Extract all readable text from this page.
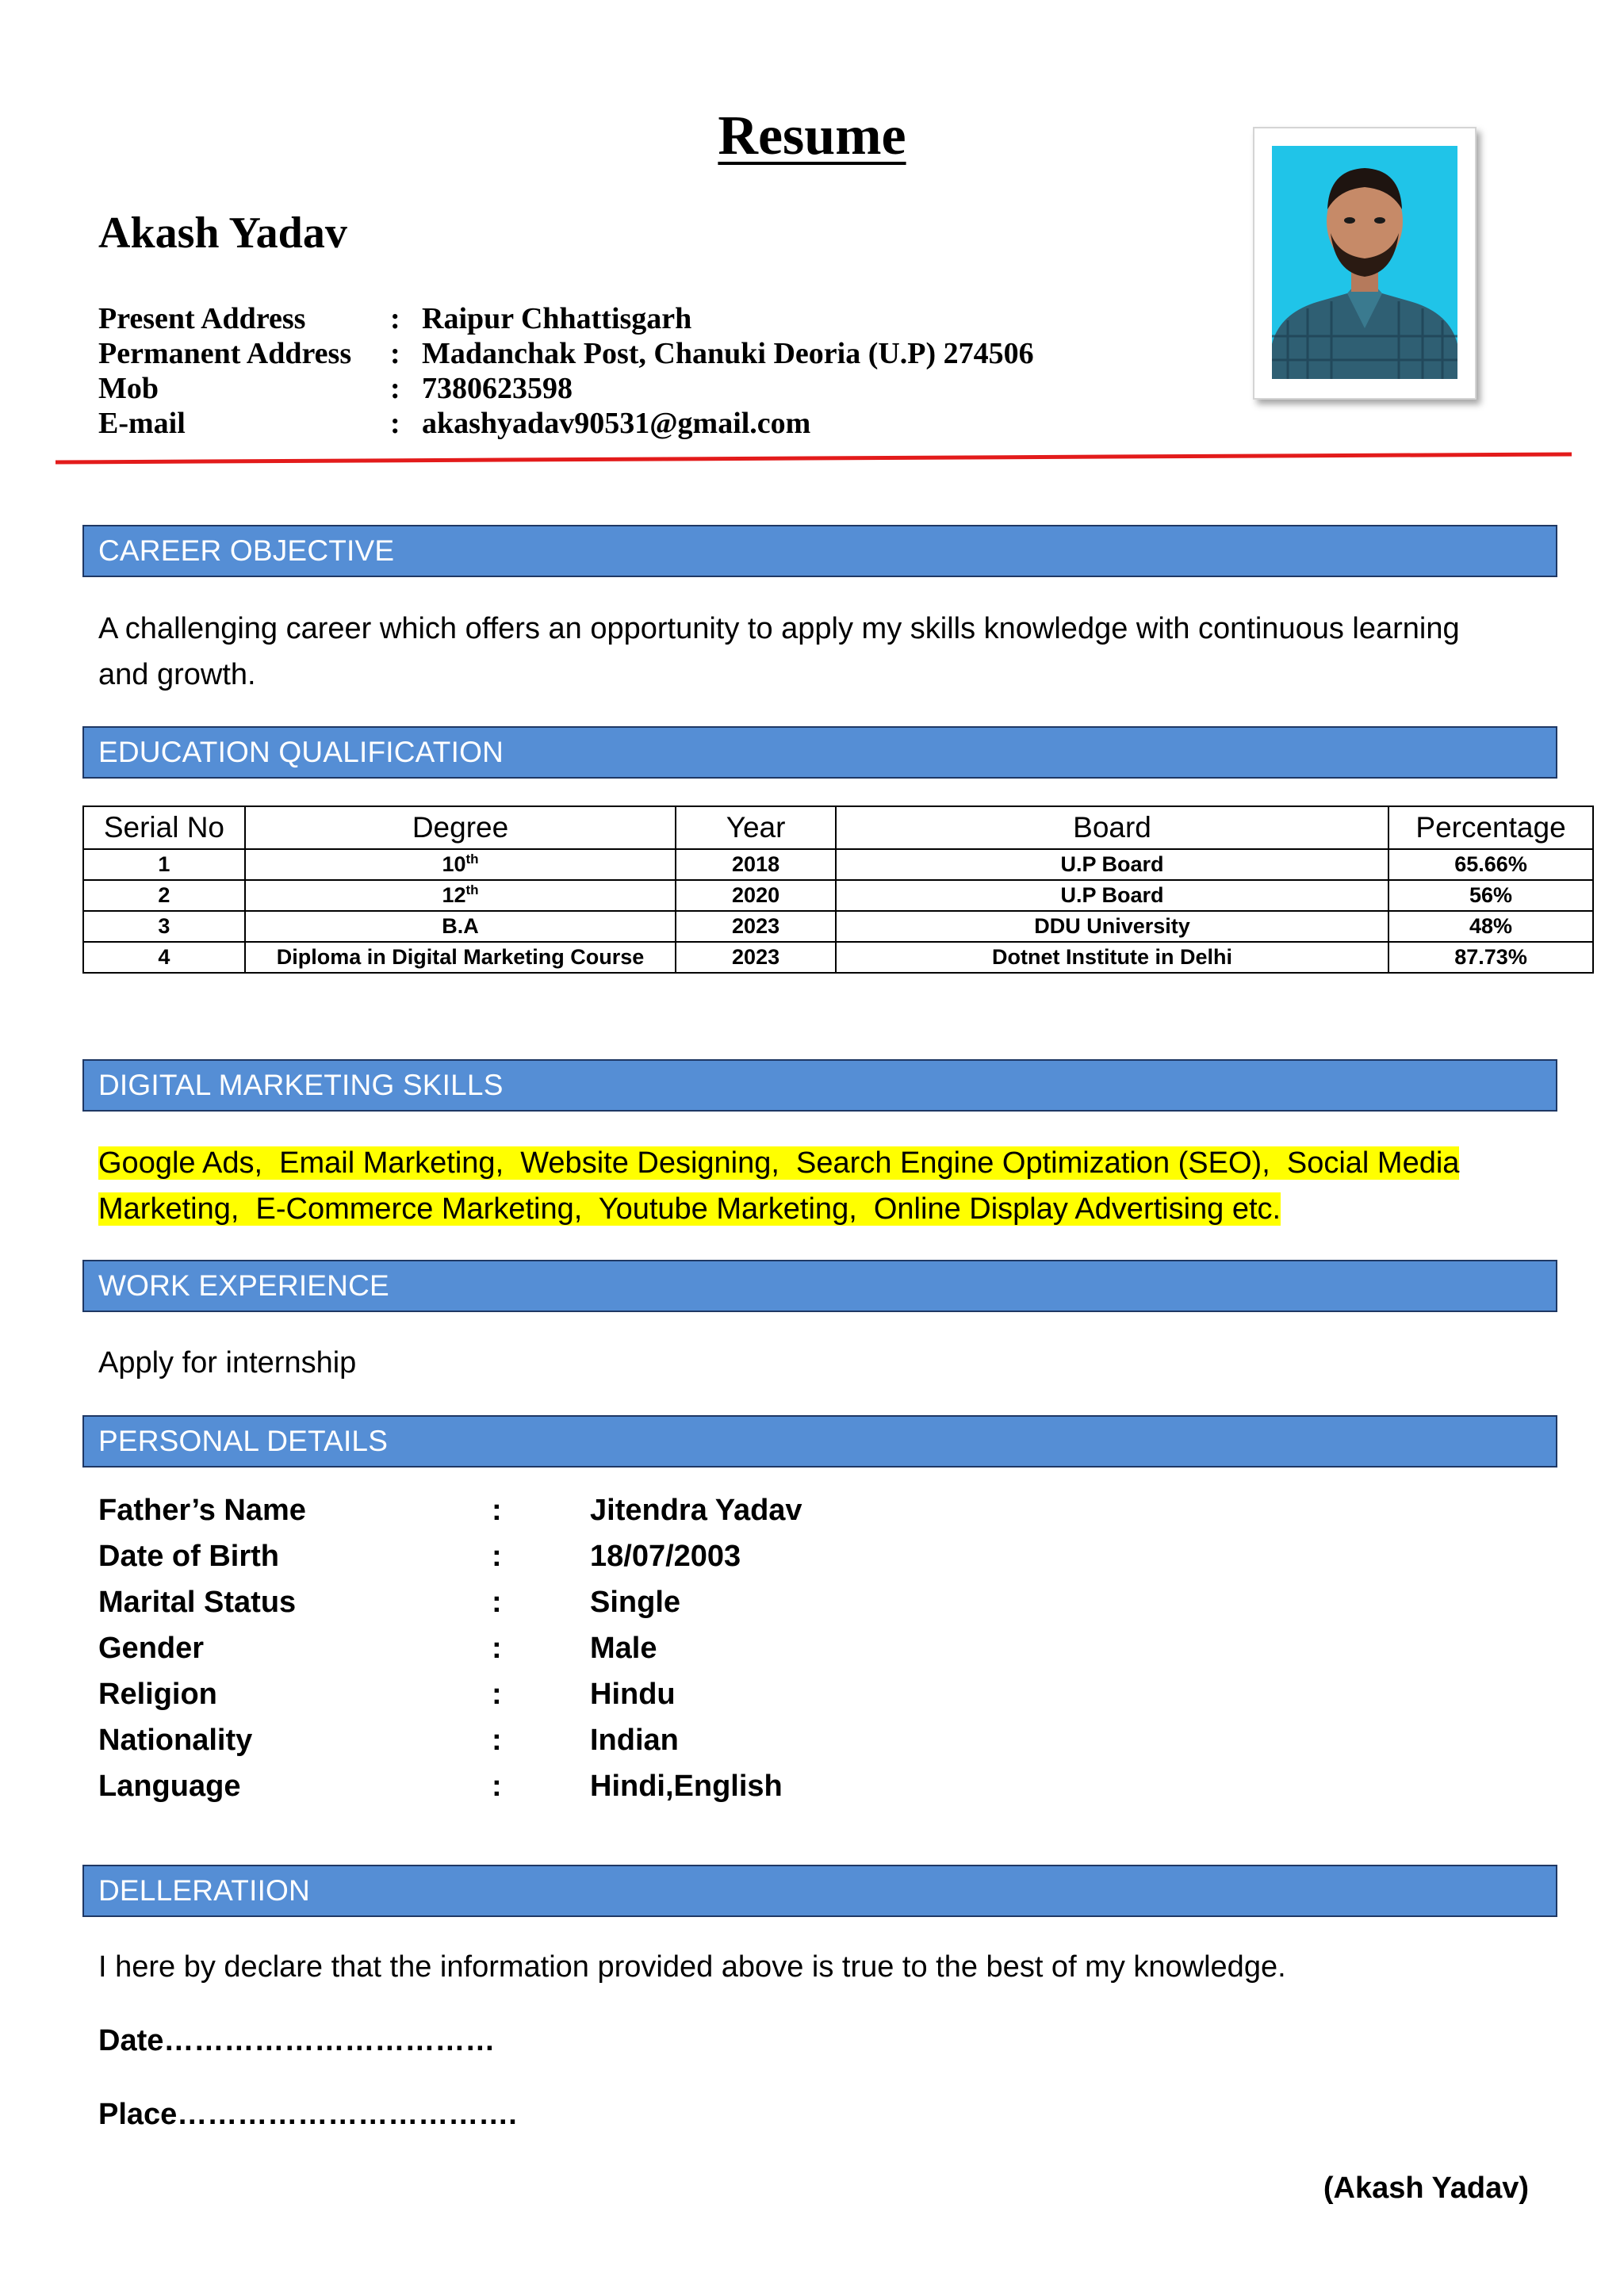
Resume
Akash Yadav
Present Address	: Raipur Chhattisgarh
Permanent Address : Madanchak Post, Chanuki Deoria (U.P) 274506
Mob	: 7380623598
E-mail	: akashyadav90531@gmail.com
CAREER OBJECTIVE
A challenging career which offers an opportunity to apply my skills knowledge with continuous learning and growth.
EDUCATION QUALIFICATION
Serial No	Degree	Year	Board	Percentage
1	10th	2018	U.P Board	65.66%
2	12th	2020	U.P Board	56%
3	B.A	2023	DDU University	48%
4	Diploma in Digital Marketing Course	2023	Dotnet Institute in Delhi	87.73%
DIGITAL MARKETING SKILLS
Google Ads,  Email Marketing,  Website Designing,  Search Engine Optimization (SEO),  Social Media
Marketing,  E-Commerce Marketing,  Youtube Marketing,  Online Display Advertising etc.
WORK EXPERIENCE
Apply for internship
PERSONAL DETAILS
Father’s Name	:	Jitendra Yadav
Date of Birth	:	18/07/2003
Marital Status	:	Single
Gender	:	Male
Religion	:	Hindu
Nationality	:	Indian
Language	:	Hindi,English
DELLERATIION
I here by declare that the information provided above is true to the best of my knowledge.
Date……………………………
Place…………………………….
(Akash Yadav)
